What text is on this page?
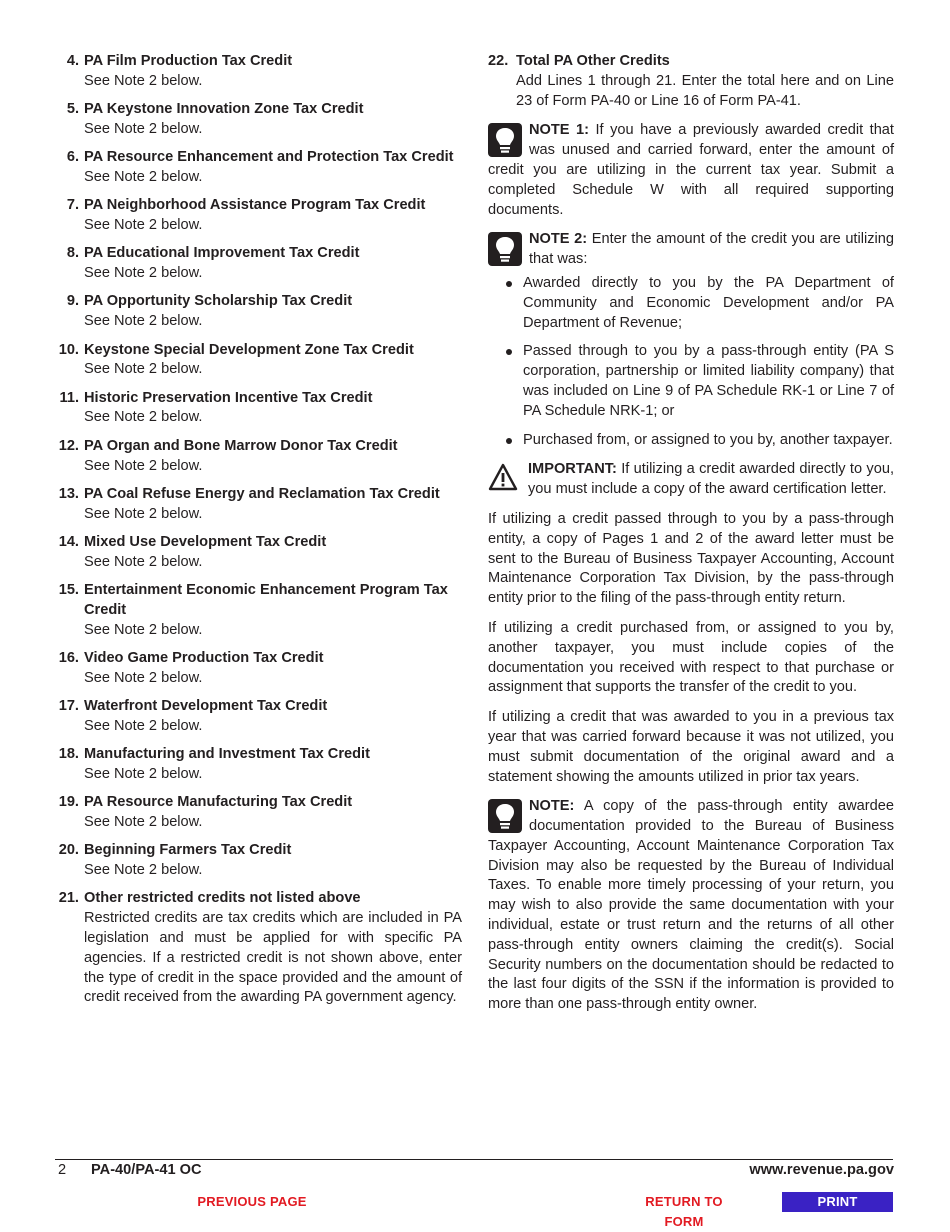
4. PA Film Production Tax Credit
See Note 2 below.
5. PA Keystone Innovation Zone Tax Credit
See Note 2 below.
6. PA Resource Enhancement and Protection Tax Credit
See Note 2 below.
7. PA Neighborhood Assistance Program Tax Credit
See Note 2 below.
8. PA Educational Improvement Tax Credit
See Note 2 below.
9. PA Opportunity Scholarship Tax Credit
See Note 2 below.
10. Keystone Special Development Zone Tax Credit
See Note 2 below.
11. Historic Preservation Incentive Tax Credit
See Note 2 below.
12. PA Organ and Bone Marrow Donor Tax Credit
See Note 2 below.
13. PA Coal Refuse Energy and Reclamation Tax Credit
See Note 2 below.
14. Mixed Use Development Tax Credit
See Note 2 below.
15. Entertainment Economic Enhancement Program Tax Credit
See Note 2 below.
16. Video Game Production Tax Credit
See Note 2 below.
17. Waterfront Development Tax Credit
See Note 2 below.
18. Manufacturing and Investment Tax Credit
See Note 2 below.
19. PA Resource Manufacturing Tax Credit
See Note 2 below.
20. Beginning Farmers Tax Credit
See Note 2 below.
21. Other restricted credits not listed above
Restricted credits are tax credits which are included in PA legislation and must be applied for with specific PA agencies. If a restricted credit is not shown above, enter the type of credit in the space provided and the amount of credit received from the awarding PA government agency.
22. Total PA Other Credits
Add Lines 1 through 21. Enter the total here and on Line 23 of Form PA-40 or Line 16 of Form PA-41.
NOTE 1: If you have a previously awarded credit that was unused and carried forward, enter the amount of credit you are utilizing in the current tax year. Submit a completed Schedule W with all required supporting documents.
NOTE 2: Enter the amount of the credit you are utilizing that was:
Awarded directly to you by the PA Department of Community and Economic Development and/or PA Department of Revenue;
Passed through to you by a pass-through entity (PA S corporation, partnership or limited liability company) that was included on Line 9 of PA Schedule RK-1 or Line 7 of PA Schedule NRK-1; or
Purchased from, or assigned to you by, another taxpayer.
IMPORTANT: If utilizing a credit awarded directly to you, you must include a copy of the award certification letter.

If utilizing a credit passed through to you by a pass-through entity, a copy of Pages 1 and 2 of the award letter must be sent to the Bureau of Business Taxpayer Accounting, Account Maintenance Corporation Tax Division, by the pass-through entity prior to the filing of the pass-through entity return.

If utilizing a credit purchased from, or assigned to you by, another taxpayer, you must include copies of the documentation you received with respect to that purchase or assignment that supports the transfer of the credit to you.

If utilizing a credit that was awarded to you in a previous tax year that was carried forward because it was not utilized, you must submit documentation of the original award and a statement showing the amounts utilized in prior tax years.

NOTE: A copy of the pass-through entity awardee documentation provided to the Bureau of Business Taxpayer Accounting, Account Maintenance Corporation Tax Division may also be requested by the Bureau of Individual Taxes. To enable more timely processing of your return, you may wish to also provide the same documentation with your individual, estate or trust return and the returns of all other pass-through entity owners claiming the credit(s). Social Security numbers on the documentation should be redacted to the last four digits of the SSN if the information is provided to more than one pass-through entity owner.
2 PA-40/PA-41 OC	www.revenue.pa.gov
PREVIOUS PAGE	RETURN TO FORM
PRINT
